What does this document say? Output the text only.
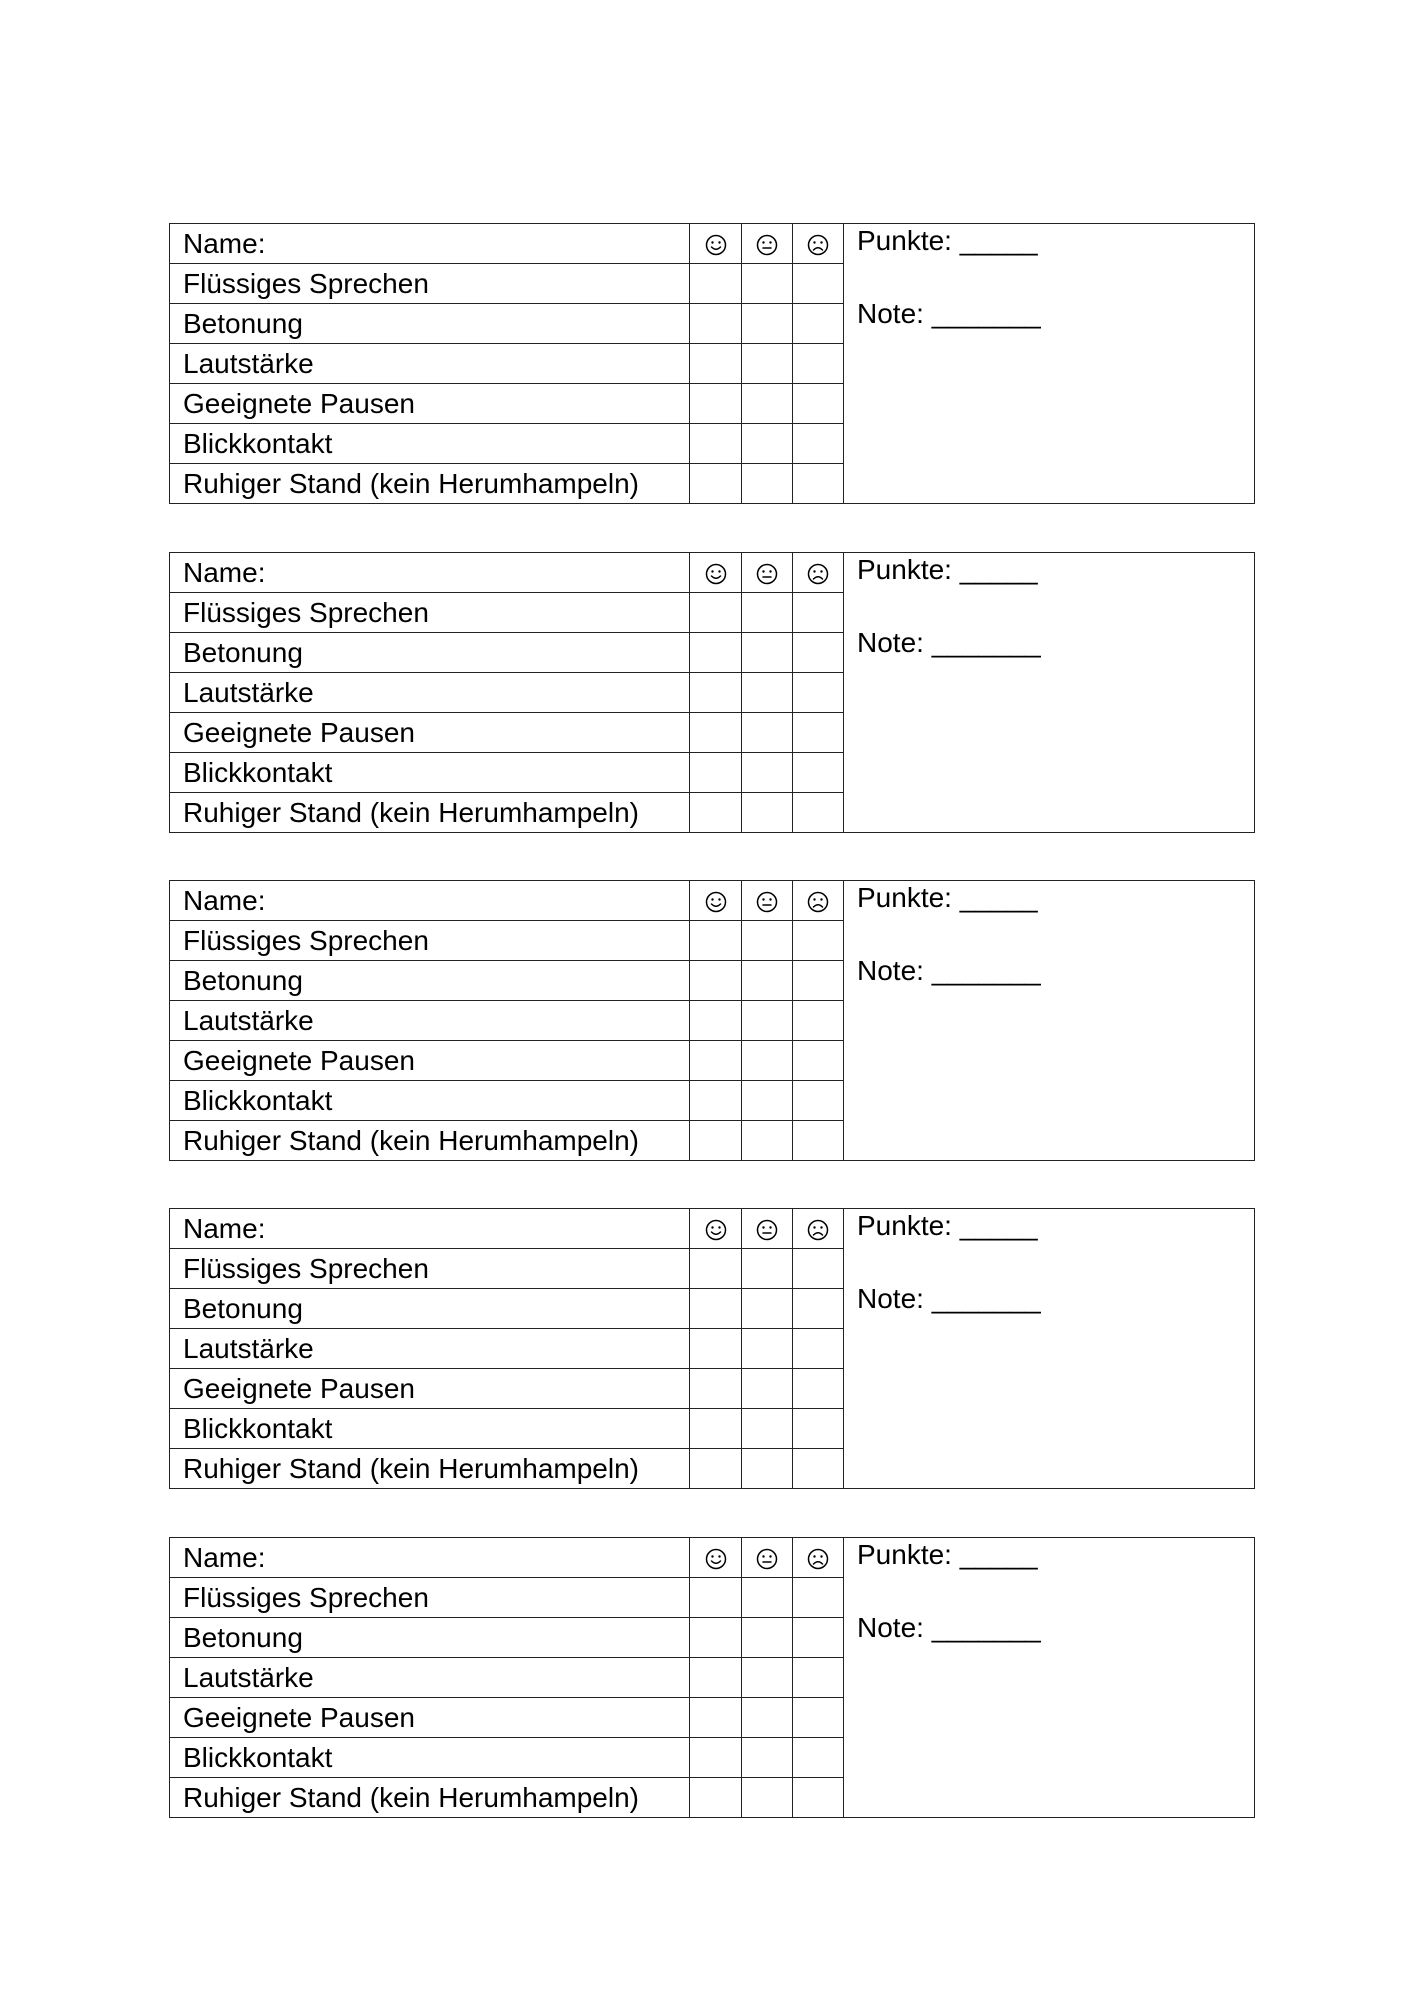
Name:				Punkte: _____
Note: _______

Flüssiges Sprechen				
Betonung				
Lautstärke				
Geeignete Pausen				
Blickkontakt				
Ruhiger Stand (kein Herumhampeln)				
Name:				Punkte: _____
Note: _______

Flüssiges Sprechen				
Betonung				
Lautstärke				
Geeignete Pausen				
Blickkontakt				
Ruhiger Stand (kein Herumhampeln)				
Name:				Punkte: _____
Note: _______

Flüssiges Sprechen				
Betonung				
Lautstärke				
Geeignete Pausen				
Blickkontakt				
Ruhiger Stand (kein Herumhampeln)				
Name:				Punkte: _____
Note: _______

Flüssiges Sprechen				
Betonung				
Lautstärke				
Geeignete Pausen				
Blickkontakt				
Ruhiger Stand (kein Herumhampeln)				
Name:				Punkte: _____
Note: _______

Flüssiges Sprechen				
Betonung				
Lautstärke				
Geeignete Pausen				
Blickkontakt				
Ruhiger Stand (kein Herumhampeln)				
